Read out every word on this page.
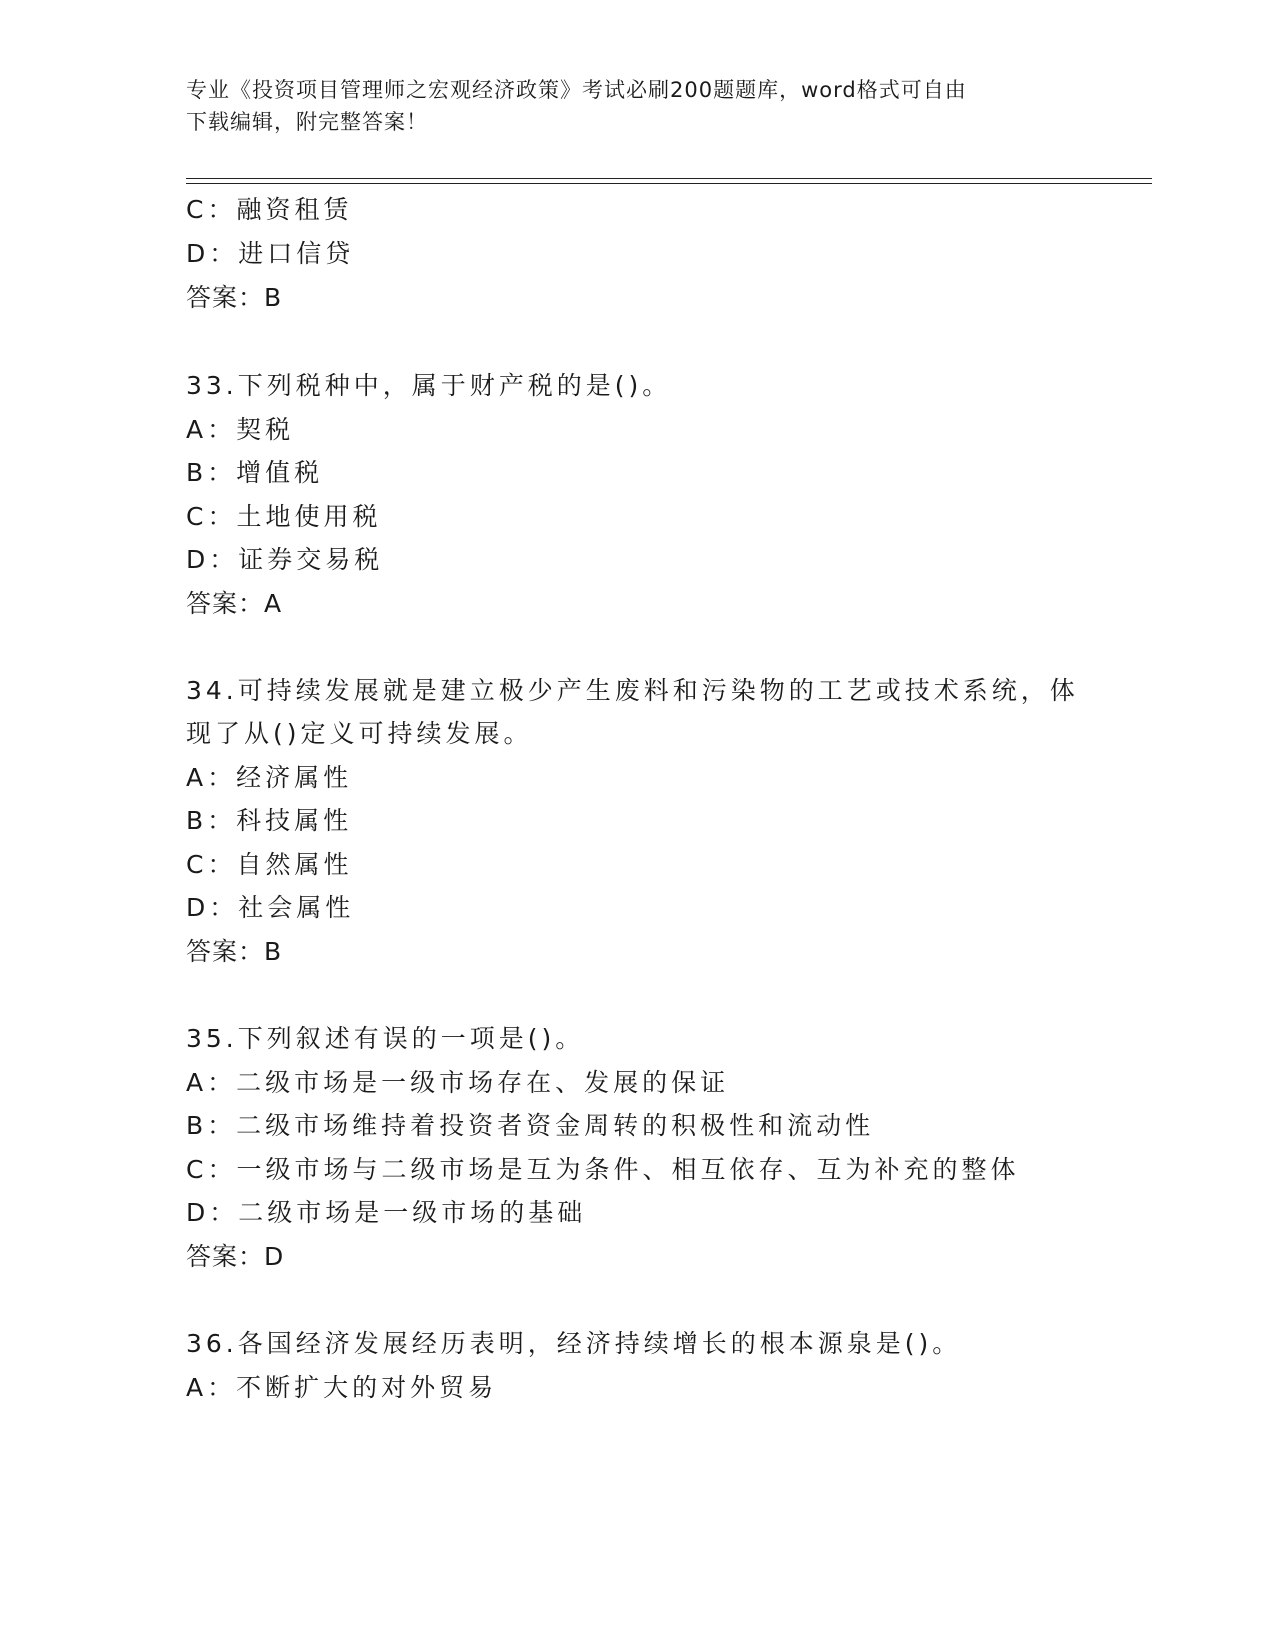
专业《投资项目管理师之宏观经济政策》考试必刷200题题库，word格式可自由
下载编辑，附完整答案！
C：融资租赁
D：进口信贷
答案：B
33.下列税种中，属于财产税的是()。
A：契税
B：增值税
C：土地使用税
D：证券交易税
答案：A
34.可持续发展就是建立极少产生废料和污染物的工艺或技术系统，体
现了从()定义可持续发展。
A：经济属性
B：科技属性
C：自然属性
D：社会属性
答案：B
35.下列叙述有误的一项是()。
A：二级市场是一级市场存在、发展的保证
B：二级市场维持着投资者资金周转的积极性和流动性
C：一级市场与二级市场是互为条件、相互依存、互为补充的整体
D：二级市场是一级市场的基础
答案：D
36.各国经济发展经历表明，经济持续增长的根本源泉是()。
A：不断扩大的对外贸易
